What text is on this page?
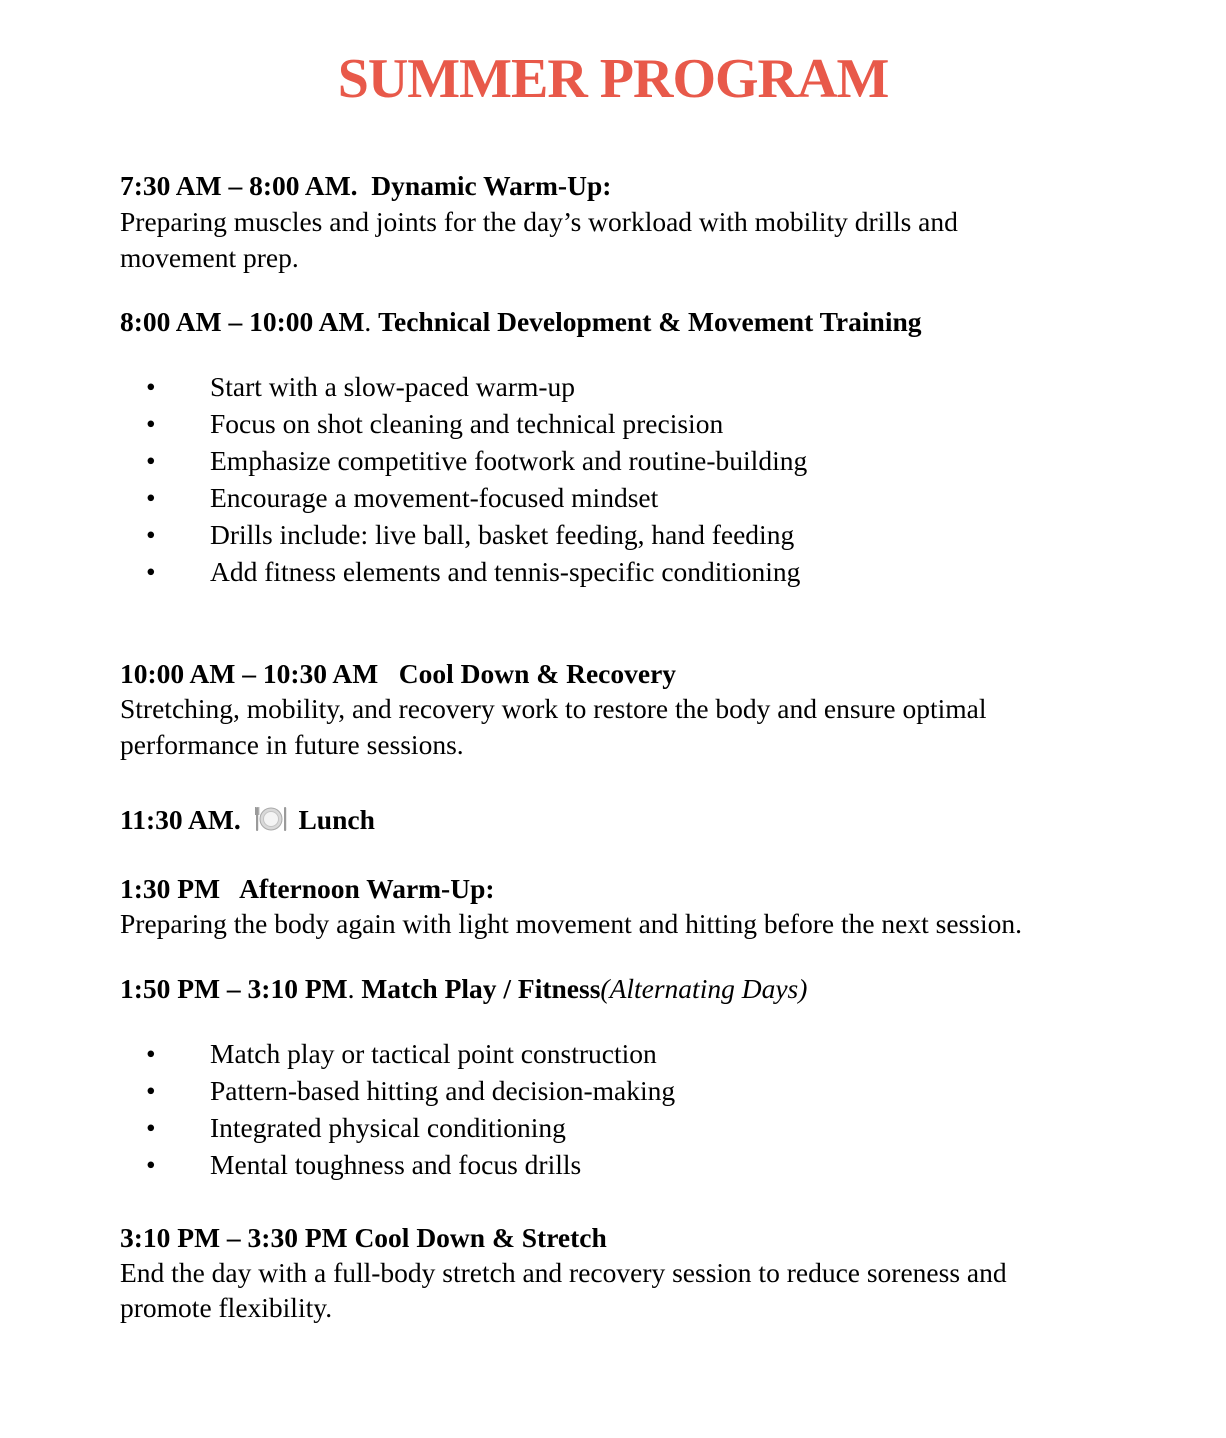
SUMMER PROGRAM
7:30 AM – 8:00 AM. Dynamic Warm-Up:
Preparing muscles and joints for the day’s workload with mobility drills and
movement prep.
8:00 AM – 10:00 AM. Technical Development & Movement Training
• Start with a slow-paced warm-up
• Focus on shot cleaning and technical precision
• Emphasize competitive footwork and routine-building
• Encourage a movement-focused mindset
• Drills include: live ball, basket feeding, hand feeding
• Add fitness elements and tennis-specific conditioning
10:00 AM – 10:30 AM Cool Down & Recovery
Stretching, mobility, and recovery work to restore the body and ensure optimal
performance in future sessions.
11:30 AM. Lunch
1:30 PM Afternoon Warm-Up:
Preparing the body again with light movement and hitting before the next session.
1:50 PM – 3:10 PM. Match Play / Fitness(Alternating Days)
• Match play or tactical point construction
• Pattern-based hitting and decision-making
• Integrated physical conditioning
• Mental toughness and focus drills
3:10 PM – 3:30 PM Cool Down & Stretch
End the day with a full-body stretch and recovery session to reduce soreness and
promote flexibility.
